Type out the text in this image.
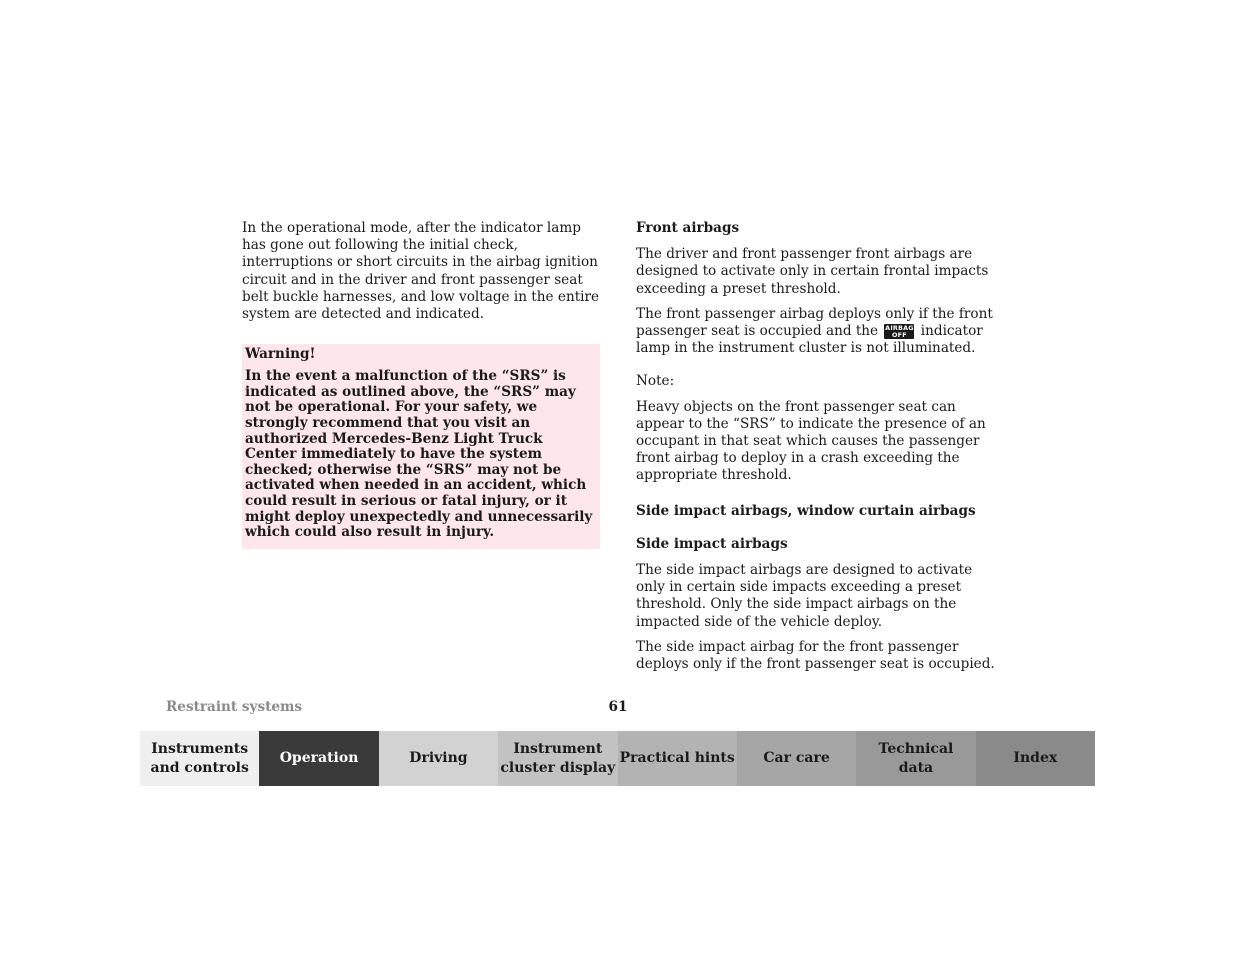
In the operational mode, after the indicator lamp has gone out following the initial check, interruptions or short circuits in the airbag ignition circuit and in the driver and front passenger seat belt buckle harnesses, and low voltage in the entire system are detected and indicated.

Warning!
In the event a malfunction of the “SRS” is indicated as outlined above, the “SRS” may not be operational. For your safety, we strongly recommend that you visit an authorized Mercedes-Benz Light Truck Center immediately to have the system checked; otherwise the “SRS” may not be activated when needed in an accident, which could result in serious or fatal injury, or it might deploy unexpectedly and unnecessarily which could also result in injury.
Front airbags

The driver and front passenger front airbags are designed to activate only in certain frontal impacts exceeding a preset threshold.

The front passenger airbag deploys only if the front passenger seat is occupied and the AIRBAG
OFF	indicator lamp in the instrument cluster is not illuminated.

Note:

Heavy objects on the front passenger seat can appear to the “SRS” to indicate the presence of an occupant in that seat which causes the passenger front airbag to deploy in a crash exceeding the appropriate threshold.

Side impact airbags, window curtain airbags
Side impact airbags

The side impact airbags are designed to activate only in certain side impacts exceeding a preset threshold. Only the side impact airbags on the impacted side of the vehicle deploy.

The side impact airbag for the front passenger deploys only if the front passenger seat is occupied.

Restraint systems	61
Instruments
and controls
Operation	Driving
Instrument
cluster display
Practical hints	Car care
Technical
data
Index
